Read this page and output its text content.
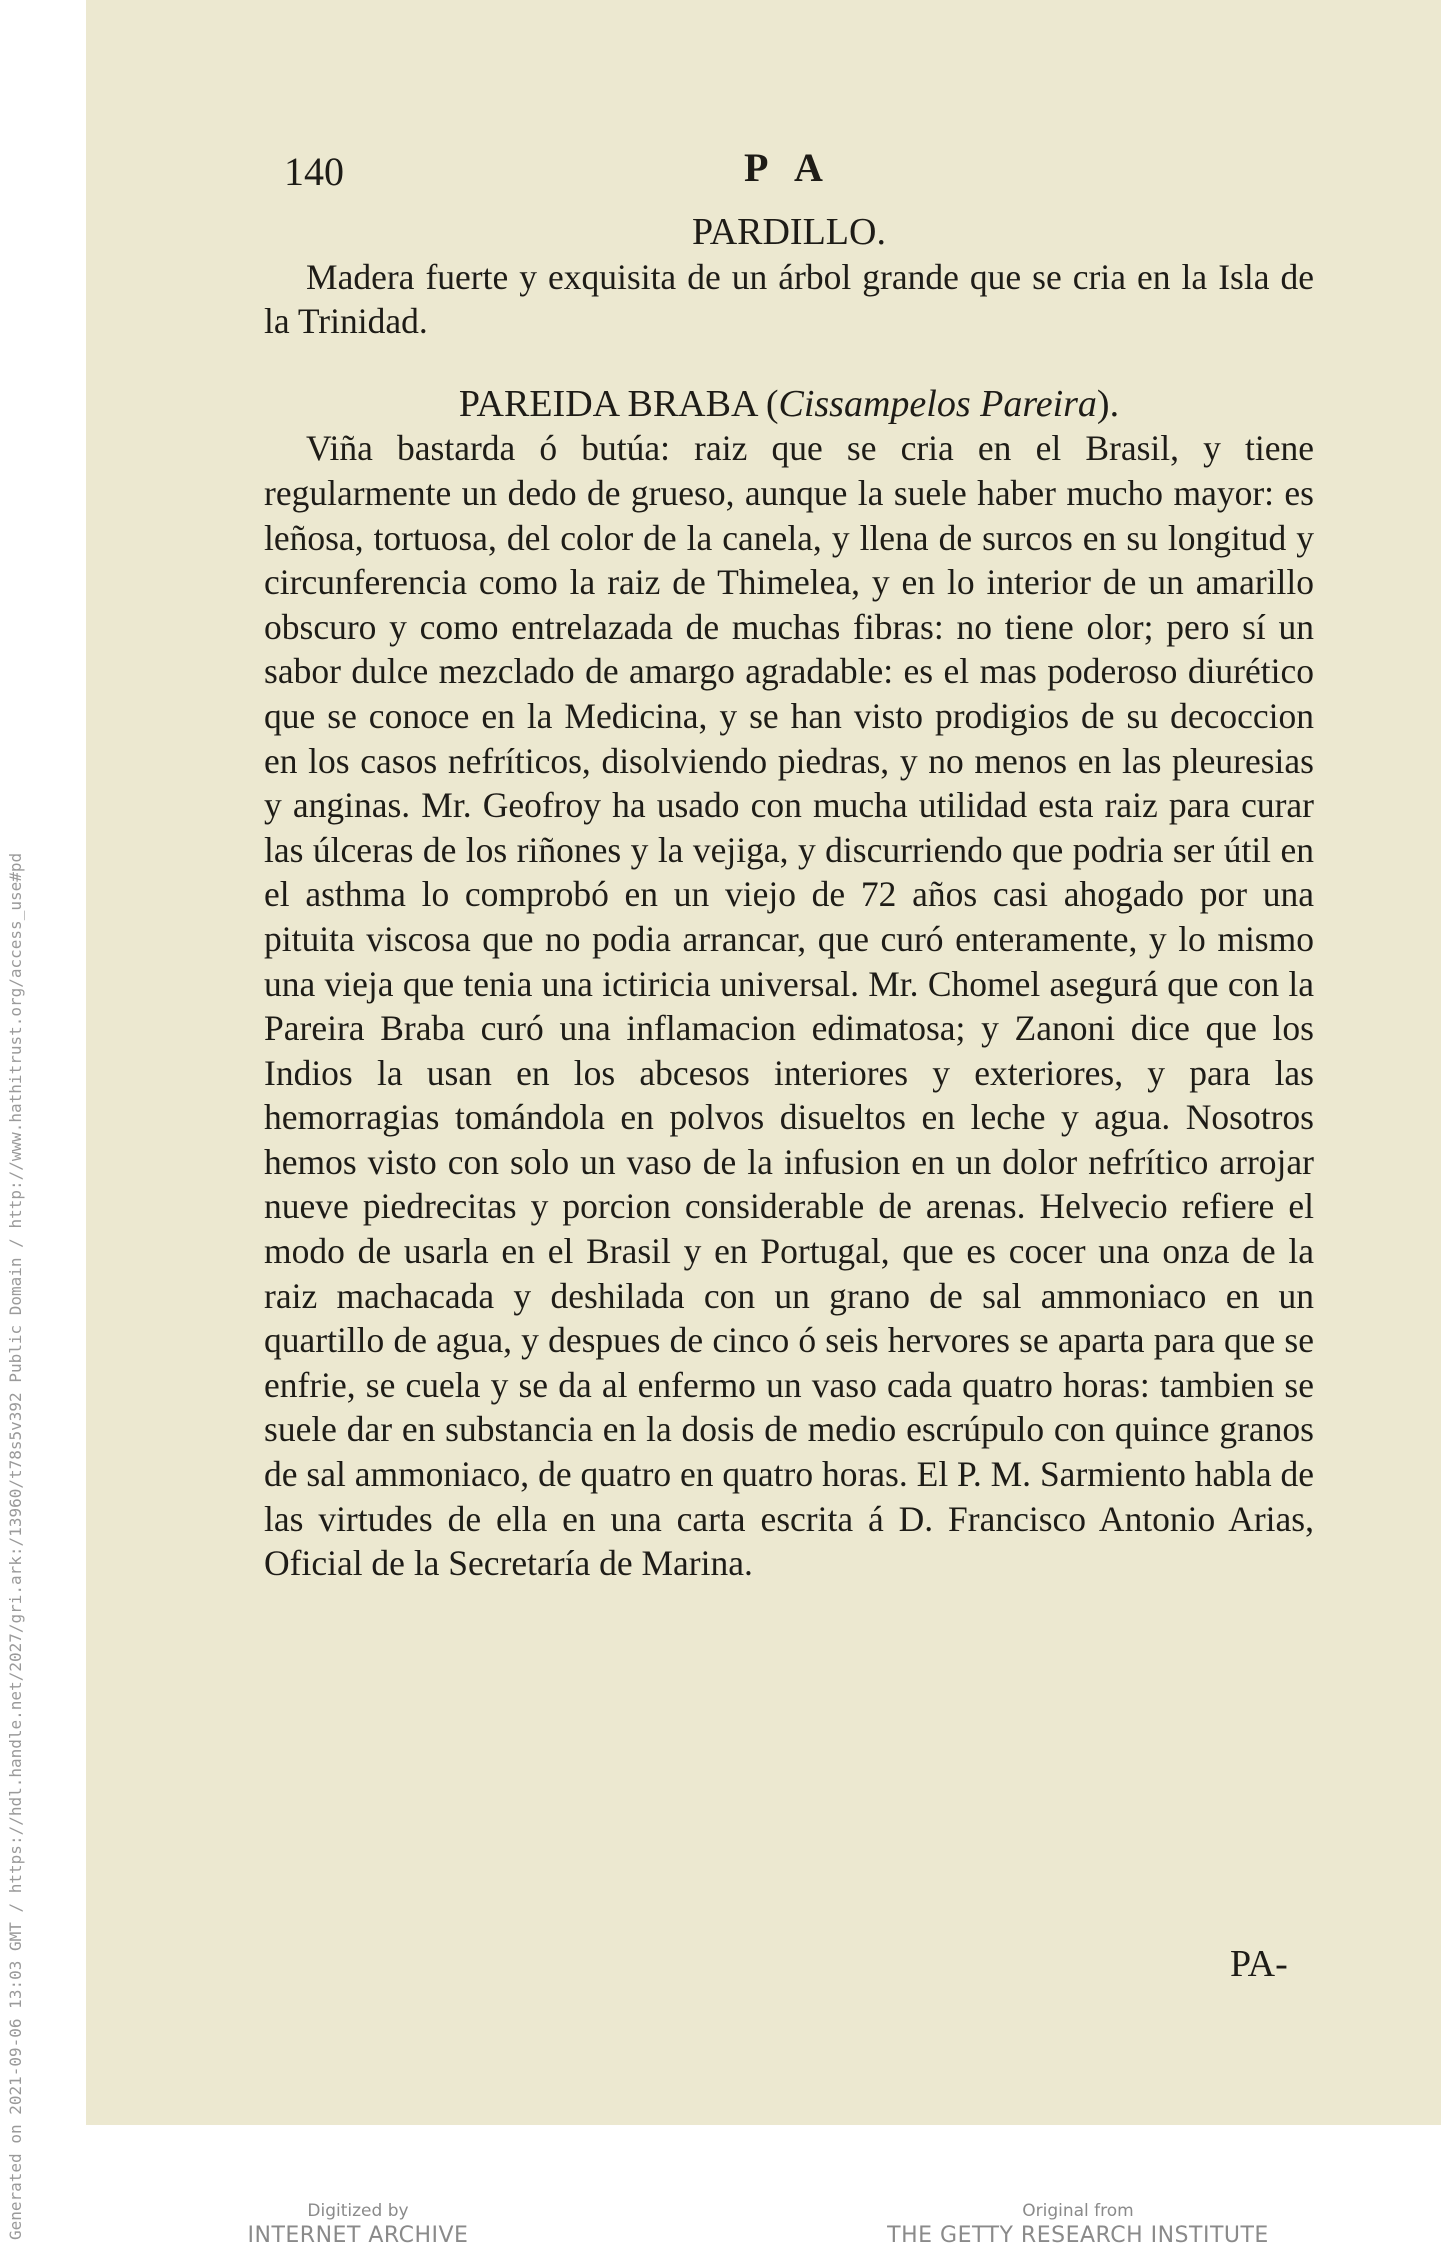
Generated on 2021-09-06 13:03 GMT / https://hdl.handle.net/2027/gri.ark:/13960/t78s5v392 Public Domain / http://www.hathitrust.org/access_use#pd
140	P A
PARDILLO.

Madera fuerte y exquisita de un árbol grande que se cria en la Isla de la Trinidad.

PAREIDA BRABA (Cissampelos Pareira).

Viña bastarda ó butúa: raiz que se cria en el Brasil, y tiene regularmente un dedo de grueso, aunque la suele haber mucho mayor: es leñosa, tortuosa, del color de la canela, y llena de surcos en su longitud y circunferencia como la raiz de Thimelea, y en lo interior de un amarillo obscuro y como entrelazada de muchas fibras: no tiene olor; pero sí un sabor dulce mezclado de amargo agradable: es el mas poderoso diurético que se conoce en la Medicina, y se han visto prodigios de su decoccion en los casos nefríticos, disolviendo piedras, y no menos en las pleuresias y anginas. Mr. Geofroy ha usado con mucha utilidad esta raiz para curar las úlceras de los riñones y la vejiga, y discurriendo que podria ser útil en el asthma lo comprobó en un viejo de 72 años casi ahogado por una pituita viscosa que no podia arrancar, que curó enteramente, y lo mismo una vieja que tenia una ictiricia universal. Mr. Chomel asegurá que con la Pareira Braba curó una inflamacion edimatosa; y Zanoni dice que los Indios la usan en los abcesos interiores y exteriores, y para las hemorragias tomándola en polvos disueltos en leche y agua. Nosotros hemos visto con solo un vaso de la infusion en un dolor nefrítico arrojar nueve piedrecitas y porcion considerable de arenas. Helvecio refiere el modo de usarla en el Brasil y en Portugal, que es cocer una onza de la raiz machacada y deshilada con un grano de sal ammoniaco en un quartillo de agua, y despues de cinco ó seis hervores se aparta para que se enfrie, se cuela y se da al enfermo un vaso cada quatro horas: tambien se suele dar en substancia en la dosis de medio escrúpulo con quince granos de sal ammoniaco, de quatro en quatro horas. El P. M. Sarmiento habla de las virtudes de ella en una carta escrita á D. Francisco Antonio Arias, Oficial de la Secretaría de Marina.

PA-
Digitized by
INTERNET ARCHIVE
Original from
THE GETTY RESEARCH INSTITUTE
